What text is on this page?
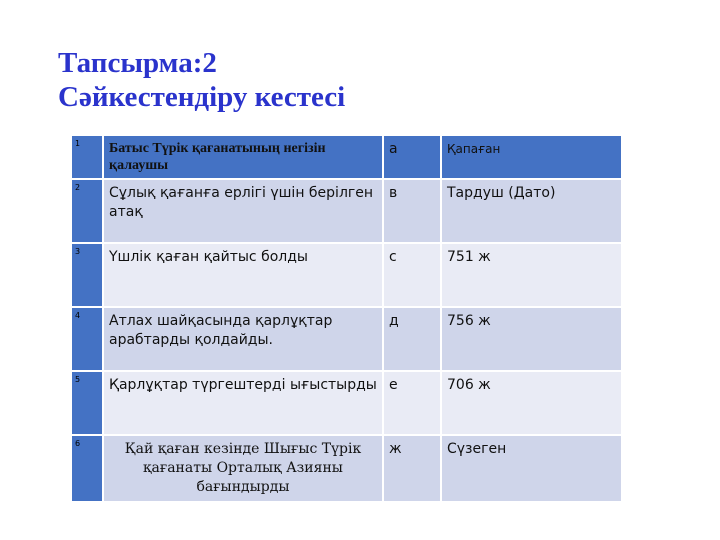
Тапсырма:2
Сәйкестендіру кестесі
1	Батыс Түрік қағанатының негізін қалаушы	а	Қапаған
2	Сұлық қағанға ерлігі үшін берілген атақ	в	Тардуш (Дато)
3	Үшлік қаған қайтыс болды	с	751 ж
4	Атлах шайқасында қарлұқтар арабтарды қолдайды.	д	756 ж
5	Қарлұқтар түргештерді ығыстырды	е	706 ж
6	Қай қаған кезінде Шығыс Түрік қағанаты Орталық Азияны бағындырды	ж	Сүзеген
